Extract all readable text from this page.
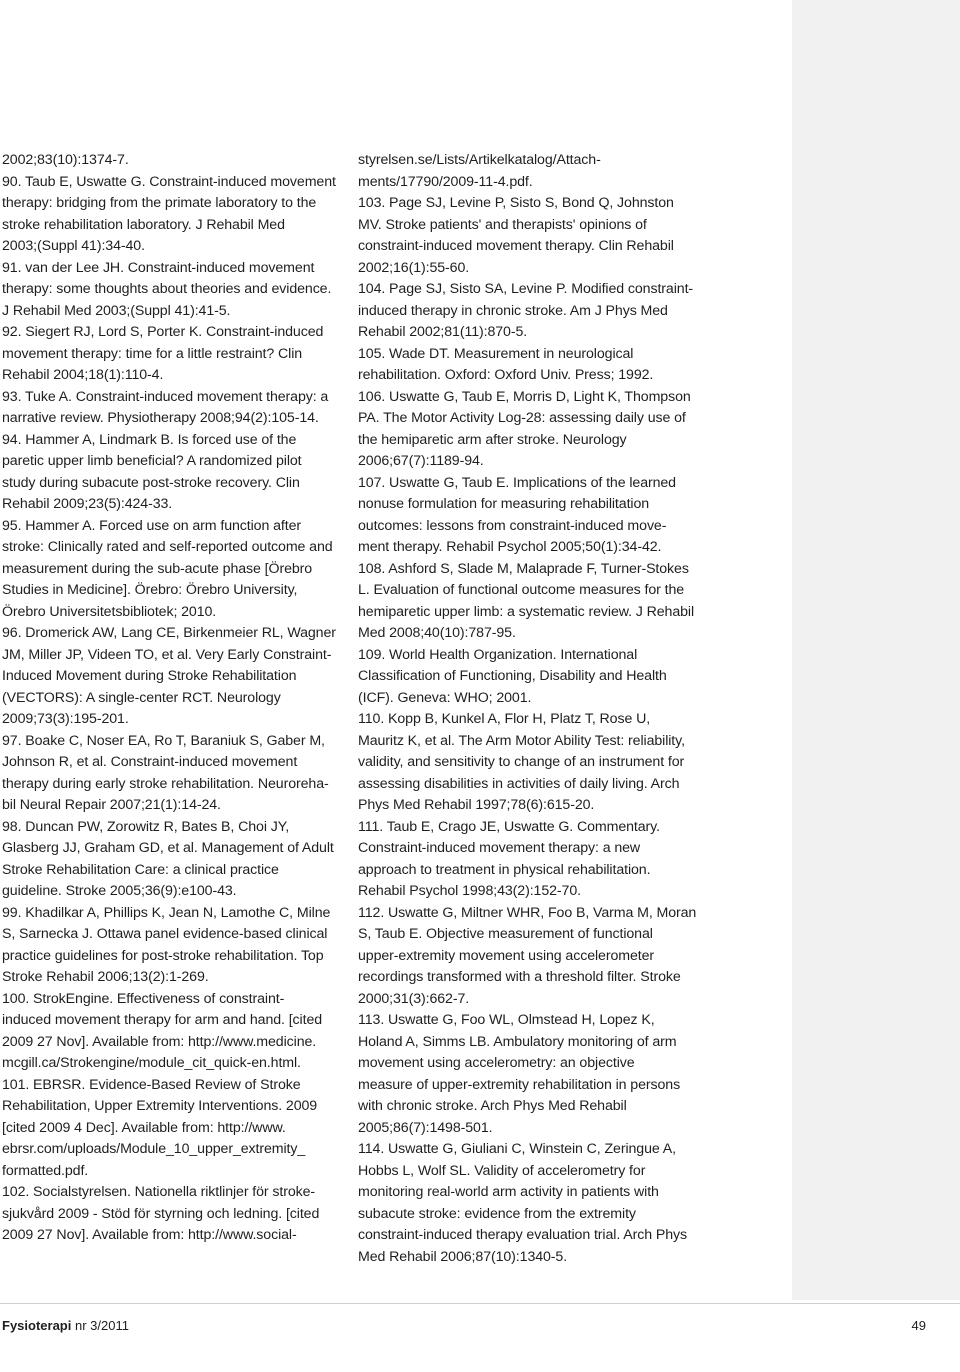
2002;83(10):1374-7.
90. Taub E, Uswatte G. Constraint-induced movement
therapy: bridging from the primate laboratory to the
stroke rehabilitation laboratory. J Rehabil Med
2003;(Suppl 41):34-40.
91. van der Lee JH. Constraint-induced movement
therapy: some thoughts about theories and evidence.
J Rehabil Med 2003;(Suppl 41):41-5.
92. Siegert RJ, Lord S, Porter K. Constraint-induced
movement therapy: time for a little restraint? Clin
Rehabil 2004;18(1):110-4.
93. Tuke A. Constraint-induced movement therapy: a
narrative review. Physiotherapy 2008;94(2):105-14.
94. Hammer A, Lindmark B. Is forced use of the
paretic upper limb beneficial? A randomized pilot
study during subacute post-stroke recovery. Clin
Rehabil 2009;23(5):424-33.
95. Hammer A. Forced use on arm function after
stroke: Clinically rated and self-reported outcome and
measurement during the sub-acute phase [Örebro
Studies in Medicine]. Örebro: Örebro University,
Örebro Universitetsbibliotek; 2010.
96. Dromerick AW, Lang CE, Birkenmeier RL, Wagner
JM, Miller JP, Videen TO, et al. Very Early Constraint-
Induced Movement during Stroke Rehabilitation
(VECTORS): A single-center RCT. Neurology
2009;73(3):195-201.
97. Boake C, Noser EA, Ro T, Baraniuk S, Gaber M,
Johnson R, et al. Constraint-induced movement
therapy during early stroke rehabilitation. Neuroreha-
bil Neural Repair 2007;21(1):14-24.
98. Duncan PW, Zorowitz R, Bates B, Choi JY,
Glasberg JJ, Graham GD, et al. Management of Adult
Stroke Rehabilitation Care: a clinical practice
guideline. Stroke 2005;36(9):e100-43.
99. Khadilkar A, Phillips K, Jean N, Lamothe C, Milne
S, Sarnecka J. Ottawa panel evidence-based clinical
practice guidelines for post-stroke rehabilitation. Top
Stroke Rehabil 2006;13(2):1-269.
100. StrokEngine. Effectiveness of constraint-
induced movement therapy for arm and hand. [cited
2009 27 Nov]. Available from: http://www.medicine.
mcgill.ca/Strokengine/module_cit_quick-en.html.
101. EBRSR. Evidence-Based Review of Stroke
Rehabilitation, Upper Extremity Interventions. 2009
[cited 2009 4 Dec]. Available from: http://www.
ebrsr.com/uploads/Module_10_upper_extremity_
formatted.pdf.
102. Socialstyrelsen. Nationella riktlinjer för stroke-
sjukvård 2009 - Stöd för styrning och ledning. [cited
2009 27 Nov]. Available from: http://www.social-
styrelsen.se/Lists/Artikelkatalog/Attach-
ments/17790/2009-11-4.pdf.
103. Page SJ, Levine P, Sisto S, Bond Q, Johnston
MV. Stroke patients' and therapists' opinions of
constraint-induced movement therapy. Clin Rehabil
2002;16(1):55-60.
104. Page SJ, Sisto SA, Levine P. Modified constraint-
induced therapy in chronic stroke. Am J Phys Med
Rehabil 2002;81(11):870-5.
105. Wade DT. Measurement in neurological
rehabilitation. Oxford: Oxford Univ. Press; 1992.
106. Uswatte G, Taub E, Morris D, Light K, Thompson
PA. The Motor Activity Log-28: assessing daily use of
the hemiparetic arm after stroke. Neurology
2006;67(7):1189-94.
107. Uswatte G, Taub E. Implications of the learned
nonuse formulation for measuring rehabilitation
outcomes: lessons from constraint-induced move-
ment therapy. Rehabil Psychol 2005;50(1):34-42.
108. Ashford S, Slade M, Malaprade F, Turner-Stokes
L. Evaluation of functional outcome measures for the
hemiparetic upper limb: a systematic review. J Rehabil
Med 2008;40(10):787-95.
109. World Health Organization. International
Classification of Functioning, Disability and Health
(ICF). Geneva: WHO; 2001.
110. Kopp B, Kunkel A, Flor H, Platz T, Rose U,
Mauritz K, et al. The Arm Motor Ability Test: reliability,
validity, and sensitivity to change of an instrument for
assessing disabilities in activities of daily living. Arch
Phys Med Rehabil 1997;78(6):615-20.
111. Taub E, Crago JE, Uswatte G. Commentary.
Constraint-induced movement therapy: a new
approach to treatment in physical rehabilitation.
Rehabil Psychol 1998;43(2):152-70.
112. Uswatte G, Miltner WHR, Foo B, Varma M, Moran
S, Taub E. Objective measurement of functional
upper-extremity movement using accelerometer
recordings transformed with a threshold filter. Stroke
2000;31(3):662-7.
113. Uswatte G, Foo WL, Olmstead H, Lopez K,
Holand A, Simms LB. Ambulatory monitoring of arm
movement using accelerometry: an objective
measure of upper-extremity rehabilitation in persons
with chronic stroke. Arch Phys Med Rehabil
2005;86(7):1498-501.
114. Uswatte G, Giuliani C, Winstein C, Zeringue A,
Hobbs L, Wolf SL. Validity of accelerometry for
monitoring real-world arm activity in patients with
subacute stroke: evidence from the extremity
constraint-induced therapy evaluation trial. Arch Phys
Med Rehabil 2006;87(10):1340-5.
Fysioterapi nr 3/2011	49
